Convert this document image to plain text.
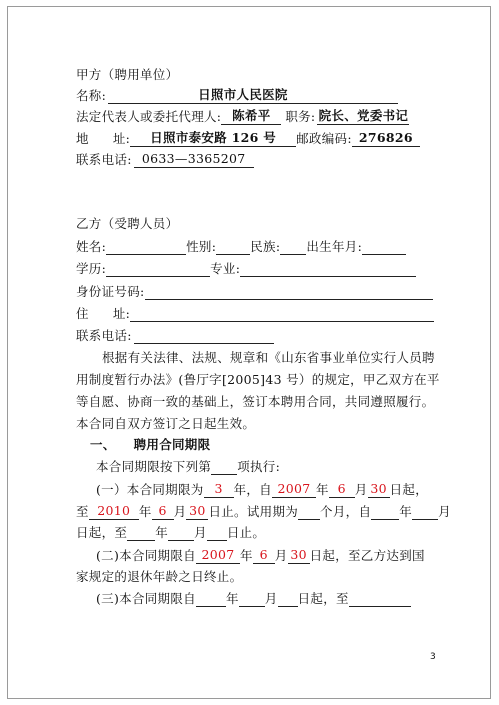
甲方（聘用单位）
名称:	日照市人民医院
法定代表人或委托代理人: 陈希平 职务: 院长、党委书记
地 址: 日照市泰安路 126 号 邮政编码: 276826
联系电话: 0633—3365207
乙方（受聘人员）
姓名:	性别:	民族: 出生年月:
学历:	专业:
身份证号码:
住 址:
联系电话:
根据有关法律、法规、规章和《山东省事业单位实行人员聘
用制度暂行办法》(鲁厅字[2005]43 号）的规定，甲乙双方在平
等自愿、协商一致的基础上，签订本聘用合同，共同遵照履行。
本合同自双方签订之日起生效。
一、 聘用合同期限
本合同期限按下列第 项执行:
(一）本合同期限为 3 年，自 2007 年 6 月 30 日起，
至 2010 年 6 月 30 日止。试用期为 个月，自 年 月
日起，至 年 月 日止。
(二)本合同期限自 2007 年 6 月 30 日起，至乙方达到国
家规定的退休年龄之日终止。
(三)本合同期限自 年 月 日起，至
3
